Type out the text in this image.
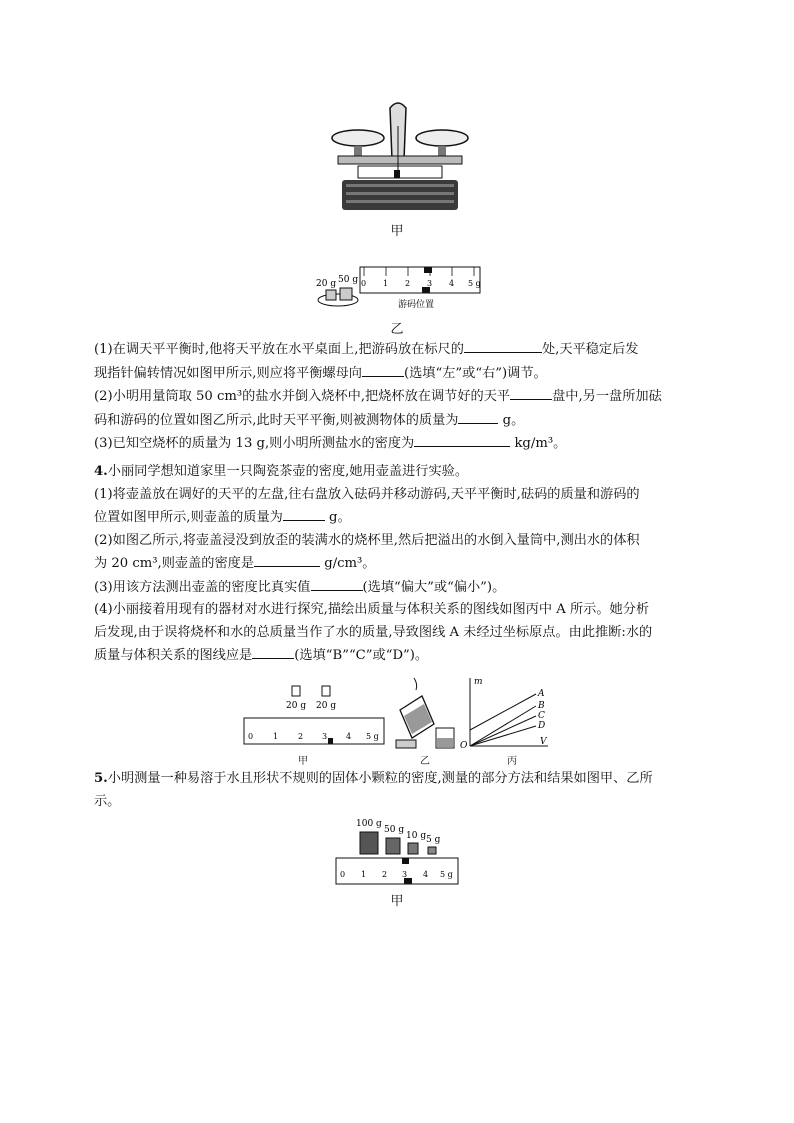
甲
20 g 50 g 0 1 2 3 4 5 g
游码位置
乙
(1)在调天平平衡时,他将天平放在水平桌面上,把游码放在标尺的	处,天平稳定后发
现指针偏转情况如图甲所示,则应将平衡螺母向	(选填“左”或“右”)调节。
(2)小明用量筒取 50 cm³的盐水并倒入烧杯中,把烧杯放在调节好的天平	盘中,另一盘所加砝
码和游码的位置如图乙所示,此时天平平衡,则被测物体的质量为	g。
(3)已知空烧杯的质量为 13 g,则小明所测盐水的密度为	kg/m³。
4.小丽同学想知道家里一只陶瓷茶壶的密度,她用壶盖进行实验。
(1)将壶盖放在调好的天平的左盘,往右盘放入砝码并移动游码,天平平衡时,砝码的质量和游码的
位置如图甲所示,则壶盖的质量为	g。
(2)如图乙所示,将壶盖浸没到放歪的装满水的烧杯里,然后把溢出的水倒入量筒中,测出水的体积
为 20 cm³,则壶盖的密度是	g/cm³。
(3)用该方法测出壶盖的密度比真实值	(选填“偏大”或“偏小”)。
(4)小丽接着用现有的器材对水进行探究,描绘出质量与体积关系的图线如图丙中 A 所示。她分析
后发现,由于误将烧杯和水的总质量当作了水的质量,导致图线 A 未经过坐标原点。由此推断:水的
质量与体积关系的图线应是	(选填“B”“C”或“D”)。
20 g 20 g
0 1 2 3 4 5 g
m
V
O
A
B
C
D
甲	乙	丙
5.小明测量一种易溶于水且形状不规则的固体小颗粒的密度,测量的部分方法和结果如图甲、乙所
示。
100 g
50 g
10 g 5 g
0 1 2 3 4 5 g
甲
